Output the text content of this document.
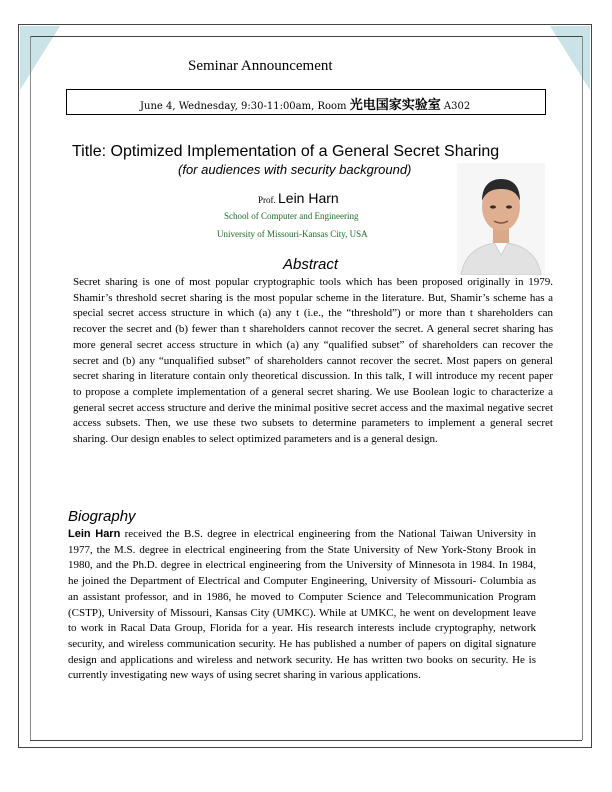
Seminar Announcement
June 4, Wednesday, 9:30-11:00am, Room 光电国家实验室 A302
Title: Optimized Implementation of a General Secret Sharing
(for audiences with security background)
Prof. Lein Harn
School of Computer and Engineering
University of Missouri-Kansas City, USA
Abstract
Secret sharing is one of most popular cryptographic tools which has been proposed originally in 1979. Shamir’s threshold secret sharing is the most popular scheme in the literature. But, Shamir’s scheme has a special secret access structure in which (a) any t (i.e., the “threshold”) or more than t shareholders can recover the secret and (b) fewer than t shareholders cannot recover the secret. A general secret sharing has more general secret access structure in which (a) any “qualified subset” of shareholders can recover the secret and (b) any “unqualified subset” of shareholders cannot recover the secret. Most papers on general secret sharing in literature contain only theoretical discussion. In this talk, I will introduce my recent paper to propose a complete implementation of a general secret sharing. We use Boolean logic to characterize a general secret access structure and derive the minimal positive secret access and the maximal negative secret access subsets. Then, we use these two subsets to determine parameters to implement a general secret sharing. Our design enables to select optimized parameters and is a general design.
Biography
Lein Harn received the B.S. degree in electrical engineering from the National Taiwan University in 1977, the M.S. degree in electrical engineering from the State University of New York-Stony Brook in 1980, and the Ph.D. degree in electrical engineering from the University of Minnesota in 1984. In 1984, he joined the Department of Electrical and Computer Engineering, University of Missouri- Columbia as an assistant professor, and in 1986, he moved to Computer Science and Telecommunication Program (CSTP), University of Missouri, Kansas City (UMKC). While at UMKC, he went on development leave to work in Racal Data Group, Florida for a year. His research interests include cryptography, network security, and wireless communication security. He has published a number of papers on digital signature design and applications and wireless and network security. He has written two books on security. He is currently investigating new ways of using secret sharing in various applications.
